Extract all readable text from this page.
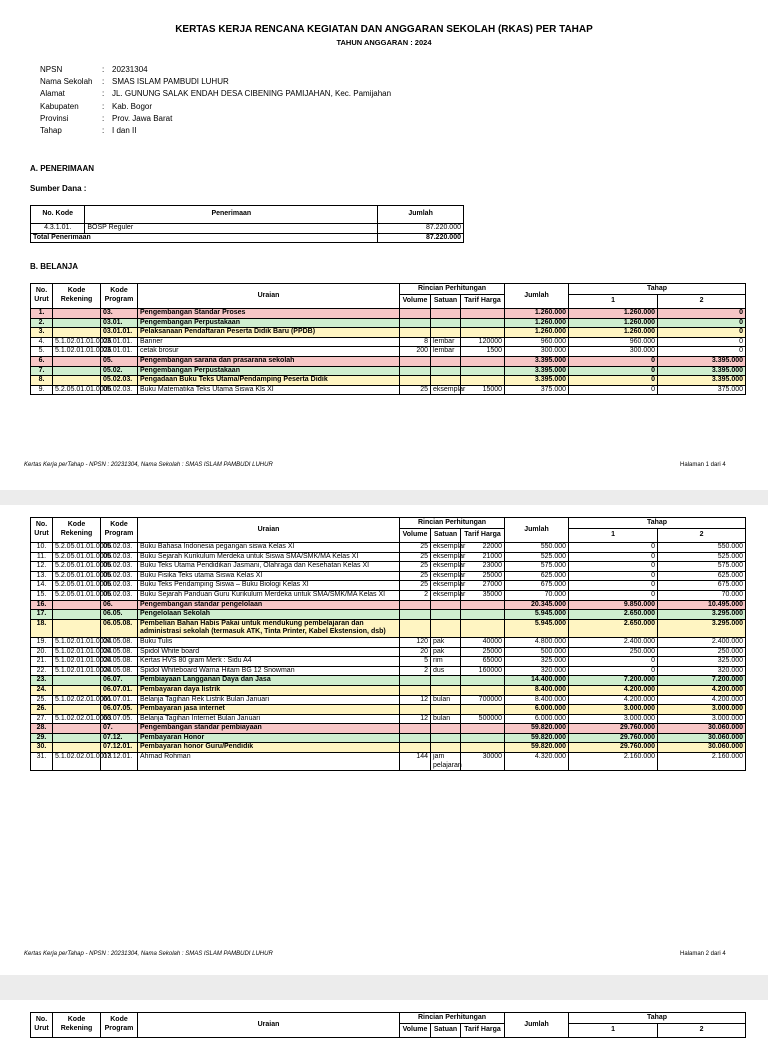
KERTAS KERJA RENCANA KEGIATAN DAN ANGGARAN SEKOLAH (RKAS) PER TAHAP
TAHUN ANGGARAN : 2024
NPSN	: 20231304
Nama Sekolah	: SMAS ISLAM PAMBUDI LUHUR
Alamat	: JL. GUNUNG SALAK ENDAH DESA CIBENING PAMIJAHAN, Kec. Pamijahan
Kabupaten	: Kab. Bogor
Provinsi	: Prov. Jawa Barat
Tahap	: I dan II
A. PENERIMAAN
Sumber Dana :
No. Kode	Penerimaan	Jumlah
4.3.1.01.	BOSP Reguler	87.220.000
Total Penerimaan		87.220.000
B. BELANJA
No. Urut	Kode Rekening	Kode Program	Uraian	Rincian Perhitungan			Jumlah	Tahap	
				Volume	Satuan	Tarif Harga		1	2
1.		03.	Pengembangan Standar Proses				1.260.000	1.260.000	0
2.		03.01.	Pengembangan Perpustakaan				1.260.000	1.260.000	0
3.		03.01.01.	Pelaksanaan Pendaftaran Peserta Didik Baru (PPDB)				1.260.000	1.260.000	0
4.	5.1.02.01.01.0026	03.01.01.	Banner	8	lembar	120000	960.000	960.000	0
5.	5.1.02.01.01.0026	03.01.01.	cetak brosur	200	lembar	1500	300.000	300.000	0
6.		05.	Pengembangan sarana dan prasarana sekolah				3.395.000	0	3.395.000
7.		05.02.	Pengembangan Perpustakaan				3.395.000	0	3.395.000
8.		05.02.03.	Pengadaan Buku Teks Utama/Pendamping Peserta Didik				3.395.000	0	3.395.000
9.	5.2.05.01.01.0006	05.02.03.	Buku Matematika Teks Utama Siswa Kls XI	25	eksemplar	15000	375.000	0	375.000
Kertas Kerja perTahap - NPSN : 20231304, Nama Sekolah : SMAS ISLAM PAMBUDI LUHUR	Halaman 1 dari 4
No. Urut	Kode Rekening	Kode Program	Uraian	Rincian Perhitungan			Jumlah	Tahap	
				Volume	Satuan	Tarif Harga		1	2
10.	5.2.05.01.01.0006	05.02.03.	Buku Bahasa Indonesia pegangan siswa Kelas XI	25	eksemplar	22000	550.000	0	550.000
11.	5.2.05.01.01.0006	05.02.03.	Buku Sejarah Kurikulum Merdeka untuk Siswa SMA/SMK/MA Kelas XI	25	eksemplar	21000	525.000	0	525.000
12.	5.2.05.01.01.0006	05.02.03.	Buku Teks Utama Pendidikan Jasmani, Olahraga dan Kesehatan Kelas XI	25	eksemplar	23000	575.000	0	575.000
13.	5.2.05.01.01.0006	05.02.03.	Buku Fisika Teks utama Siswa Kelas XI	25	eksemplar	25000	625.000	0	625.000
14.	5.2.05.01.01.0006	05.02.03.	Buku Teks Pendamping Siswa – Buku Biologi Kelas XI	25	eksemplar	27000	675.000	0	675.000
15.	5.2.05.01.01.0006	05.02.03.	Buku Sejarah Panduan Guru Kurikulum Merdeka untuk SMA/SMK/MA Kelas XI	2	eksemplar	35000	70.000	0	70.000
16.		06.	Pengembangan standar pengelolaan				20.345.000	9.850.000	10.495.000
17.		06.05.	Pengelolaan Sekolah				5.945.000	2.650.000	3.295.000
18.		06.05.08.	Pembelian Bahan Habis Pakai untuk mendukung pembelajaran dan administrasi sekolah (termasuk ATK, Tinta Printer, Kabel Ekstension, dsb)				5.945.000	2.650.000	3.295.000
19.	5.1.02.01.01.0024	06.05.08.	Buku Tulis	120	pak	40000	4.800.000	2.400.000	2.400.000
20.	5.1.02.01.01.0024	06.05.08.	Spidol White board	20	pak	25000	500.000	250.000	250.000
21.	5.1.02.01.01.0024	06.05.08.	Kertas HVS 80 gram Merk : Sidu A4	5	rim	65000	325.000	0	325.000
22.	5.1.02.01.01.0024	06.05.08.	Spidol Whiteboard Warna Hitam BG 12 Snowman	2	dus	160000	320.000	0	320.000
23.		06.07.	Pembiayaan Langganan Daya dan Jasa				14.400.000	7.200.000	7.200.000
24.		06.07.01.	Pembayaran daya listrik				8.400.000	4.200.000	4.200.000
25.	5.1.02.02.01.0061	06.07.01.	Belanja Tagihan Rek Listrik Bulan Januari	12	bulan	700000	8.400.000	4.200.000	4.200.000
26.		06.07.05.	Pembayaran jasa internet				6.000.000	3.000.000	3.000.000
27.	5.1.02.02.01.0063	06.07.05.	Belanja Tagihan Internet Bulan Januari	12	bulan	500000	6.000.000	3.000.000	3.000.000
28.		07.	Pengembangan standar pembiayaan				59.820.000	29.760.000	30.060.000
29.		07.12.	Pembayaran Honor				59.820.000	29.760.000	30.060.000
30.		07.12.01.	Pembayaran honor Guru/Pendidik				59.820.000	29.760.000	30.060.000
31.	5.1.02.02.01.0013	07.12.01.	Ahmad Rohman	144	jam pelajaran	30000	4.320.000	2.160.000	2.160.000
Kertas Kerja perTahap - NPSN : 20231304, Nama Sekolah : SMAS ISLAM PAMBUDI LUHUR	Halaman 2 dari 4
No. Urut	Kode Rekening	Kode Program	Uraian	Rincian Perhitungan			Jumlah	Tahap	
				Volume	Satuan	Tarif Harga		1	2
